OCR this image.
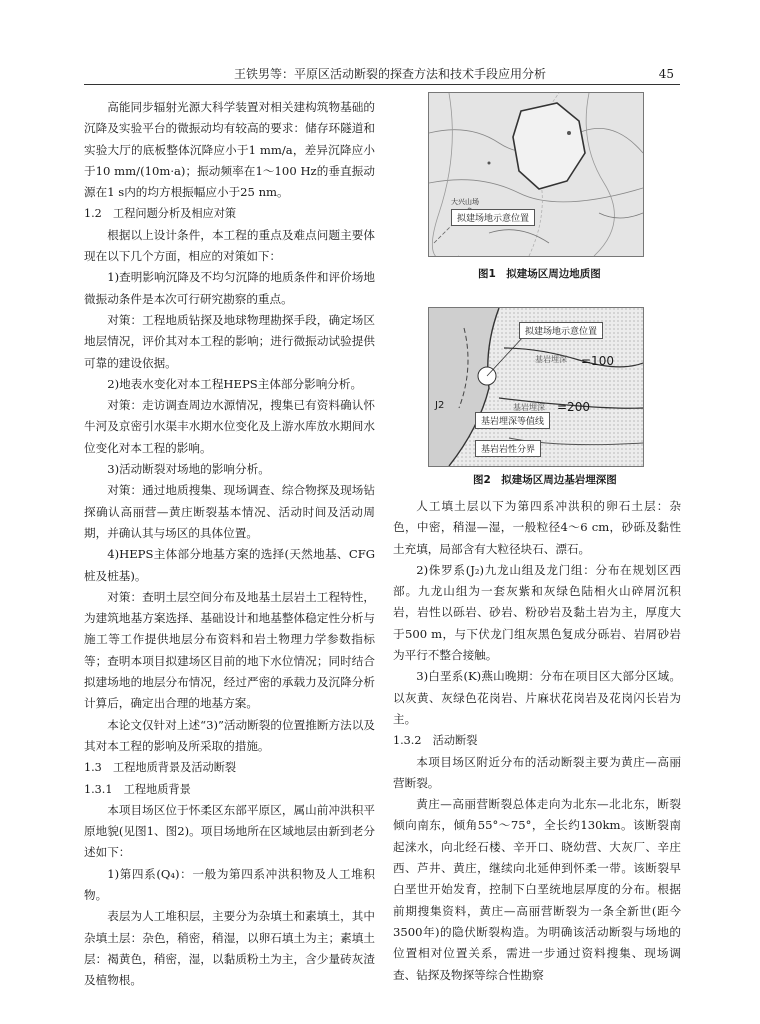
王铁男等：平原区活动断裂的探查方法和技术手段应用分析	45

高能同步辐射光源大科学装置对相关建构筑物基础的沉降及实验平台的微振动均有较高的要求：储存环隧道和实验大厅的底板整体沉降应小于1 mm/a，差异沉降应小于10 mm/(10m·a)；振动频率在1～100 Hz的垂直振动源在1 s内的均方根振幅应小于25 nm。

1.2　 工程问题分析及相应对策

根据以上设计条件，本工程的重点及难点问题主要体现在以下几个方面，相应的对策如下：

1)查明影响沉降及不均匀沉降的地质条件和评价场地微振动条件是本次可行研究勘察的重点。

对策：工程地质钻探及地球物理勘探手段，确定场区地层情况，评价其对本工程的影响；进行微振动试验提供可靠的建设依据。

2)地表水变化对本工程HEPS主体部分影响分析。

对策：走访调查周边水源情况，搜集已有资料确认怀牛河及京密引水渠丰水期水位变化及上游水库放水期间水位变化对本工程的影响。

3)活动断裂对场地的影响分析。

对策：通过地质搜集、现场调查、综合物探及现场钻探确认高丽营—黄庄断裂基本情况、活动时间及活动周期，并确认其与场区的具体位置。

4)HEPS主体部分地基方案的选择(天然地基、CFG桩及桩基)。

对策：查明土层空间分布及地基土层岩土工程特性，为建筑地基方案选择、基础设计和地基整体稳定性分析与施工等工作提供地层分布资料和岩土物理力学参数指标等；查明本项目拟建场区目前的地下水位情况；同时结合拟建场地的地层分布情况，经过严密的承载力及沉降分析计算后，确定出合理的地基方案。

本论文仅针对上述“3)”活动断裂的位置推断方法以及其对本工程的影响及所采取的措施。

1.3　 工程地质背景及活动断裂
1.3.1　 工程地质背景

本项目场区位于怀柔区东部平原区，属山前冲洪积平原地貌(见图1、图2)。项目场地所在区域地层由新到老分述如下：

1)第四系(Q₄)：一般为第四系冲洪积物及人工堆积物。

表层为人工堆积层，主要分为杂填土和素填土，其中杂填土层：杂色，稍密，稍湿，以卵石填土为主；素填土层：褐黄色，稍密，湿，以黏质粉土为主，含少量砖灰渣及植物根。

大兴山场
拟建场地示意位置
图1　拟建场区周边地质图
拟建场地示意位置
基岩埋深 =100
基岩埋深 =200
J2
基岩埋深等值线
基岩岩性分界
图2　拟建场区周边基岩埋深图

人工填土层以下为第四系冲洪积的卵石土层：杂色，中密，稍湿—湿，一般粒径4～6 cm，砂砾及黏性土充填，局部含有大粒径块石、漂石。

2)侏罗系(J₂)九龙山组及龙门组：分布在规划区西部。九龙山组为一套灰紫和灰绿色陆相火山碎屑沉积岩，岩性以砾岩、砂岩、粉砂岩及黏土岩为主，厚度大于500 m，与下伏龙门组灰黑色复成分砾岩、岩屑砂岩为平行不整合接触。

3)白垩系(K)燕山晚期：分布在项目区大部分区域。以灰黄、灰绿色花岗岩、片麻状花岗岩及花岗闪长岩为主。

1.3.2　 活动断裂

本项目场区附近分布的活动断裂主要为黄庄—高丽营断裂。

黄庄—高丽营断裂总体走向为北东—北北东，断裂倾向南东，倾角55°～75°，全长约130km。该断裂南起涞水，向北经石楼、辛开口、晓幼营、大灰厂、辛庄西、芦井、黄庄，继续向北延伸到怀柔一带。该断裂早白垩世开始发育，控制下白垩统地层厚度的分布。根据前期搜集资料，黄庄—高丽营断裂为一条全新世(距今3500年)的隐伏断裂构造。为明确该活动断裂与场地的位置相对位置关系，需进一步通过资料搜集、现场调查、钻探及物探等综合性勘察
